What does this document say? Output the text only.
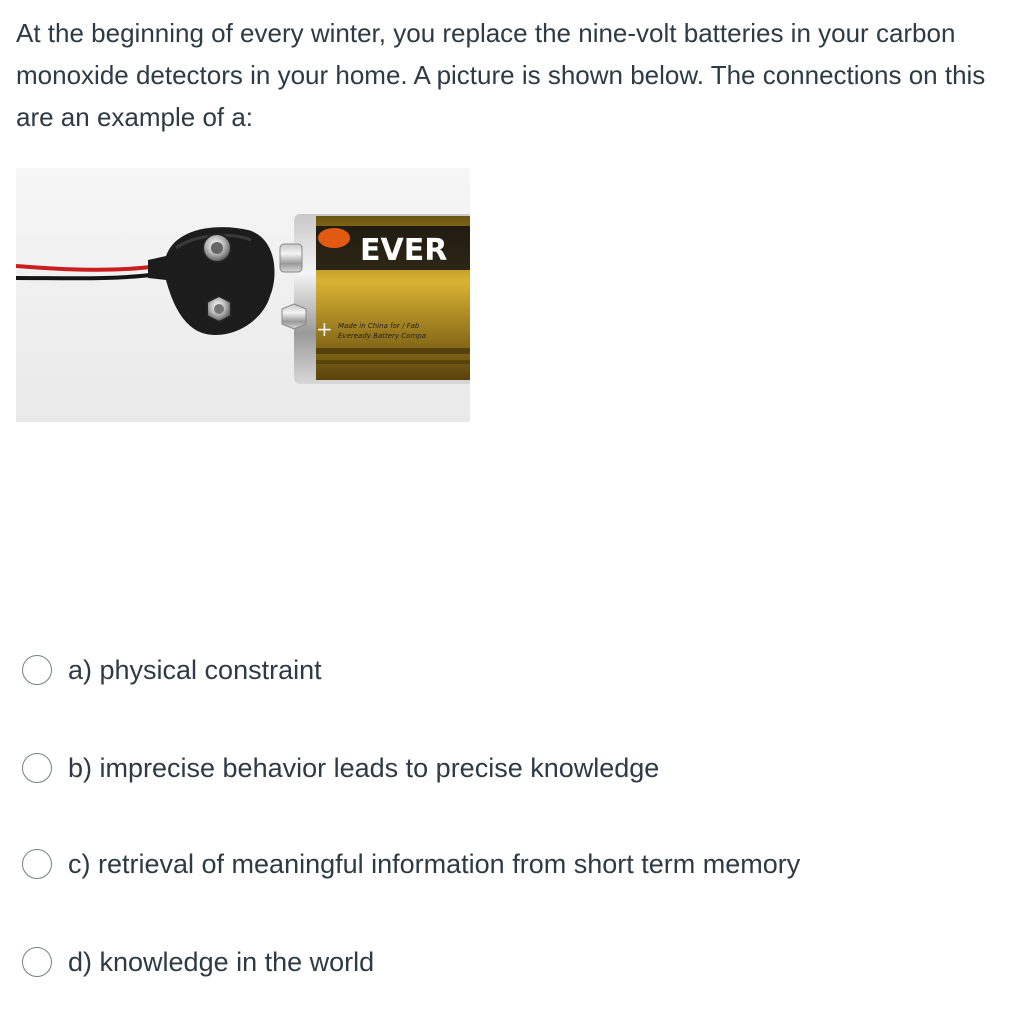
At the beginning of every winter, you replace the nine-volt batteries in your carbon monoxide detectors in your home. A picture is shown below. The connections on this are an example of a:

EVER
+ Made in China for / Fab
Eveready Battery Compa
a) physical constraint
b) imprecise behavior leads to precise knowledge
c) retrieval of meaningful information from short term memory
d) knowledge in the world
